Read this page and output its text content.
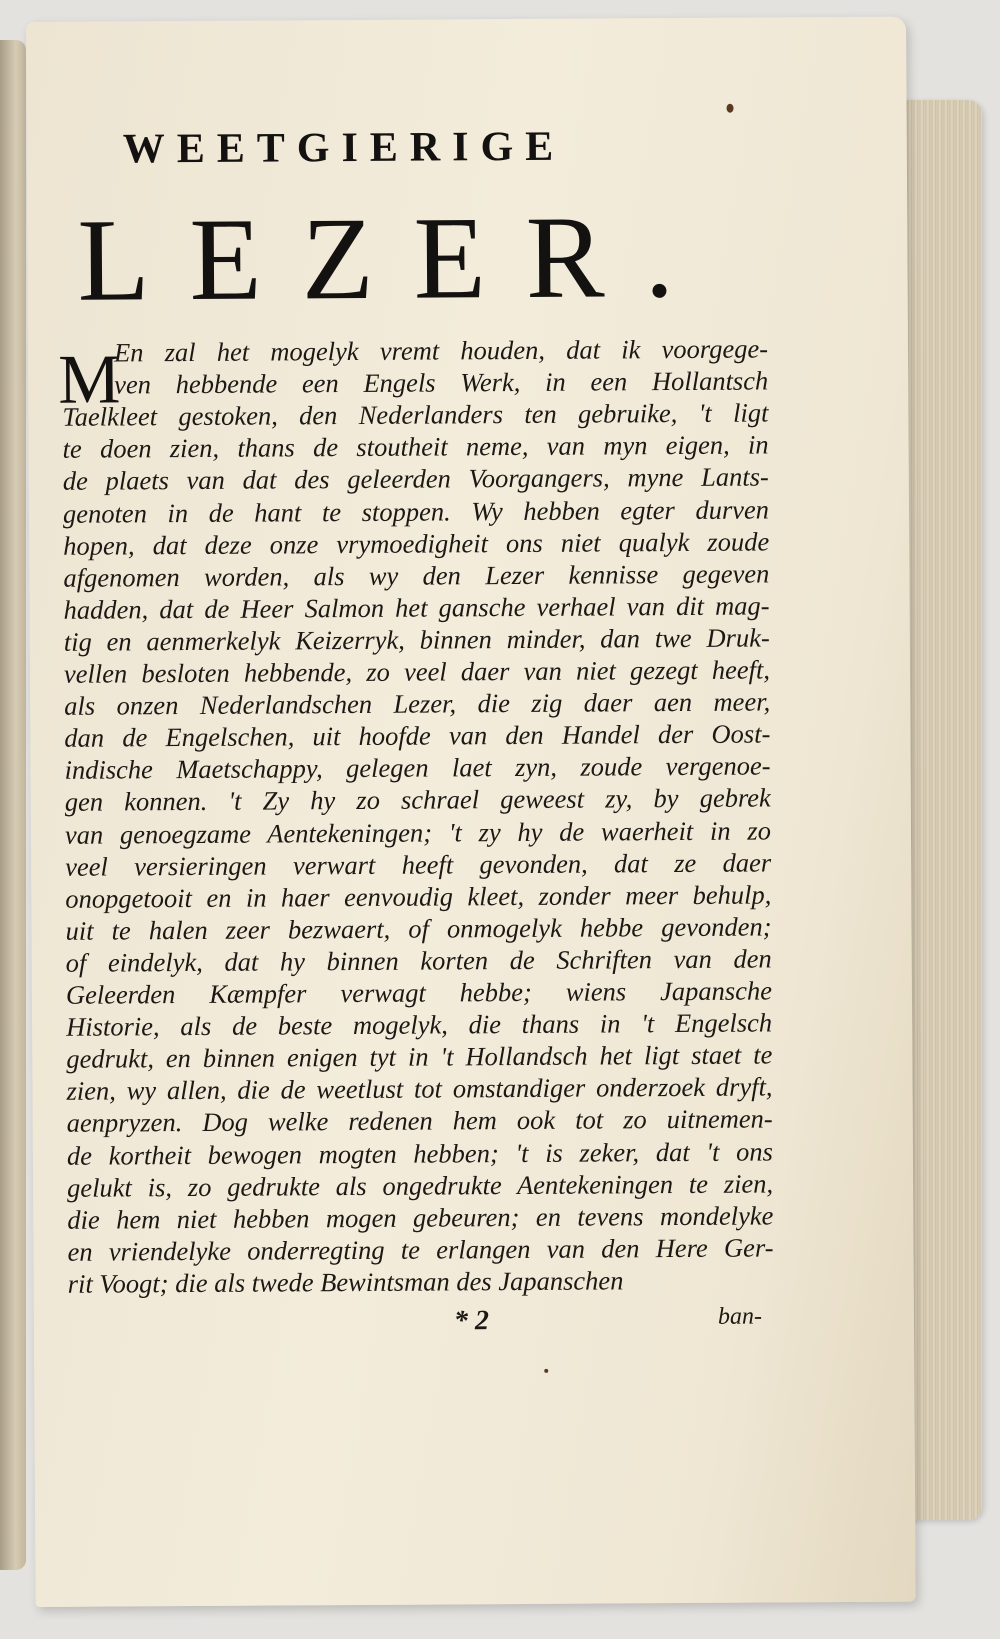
WEETGIERIGE
LEZER.
M
En zal het mogelyk vremt houden, dat ik voorgege-
ven hebbende een Engels Werk, in een Hollantsch
Taelkleet gestoken, den Nederlanders ten gebruike, 't ligt
te doen zien, thans de stoutheit neme, van myn eigen, in
de plaets van dat des geleerden Voorgangers, myne Lants-
genoten in de hant te stoppen. Wy hebben egter durven
hopen, dat deze onze vrymoedigheit ons niet qualyk zoude
afgenomen worden, als wy den Lezer kennisse gegeven
hadden, dat de Heer Salmon het gansche verhael van dit mag-
tig en aenmerkelyk Keizerryk, binnen minder, dan twe Druk-
vellen besloten hebbende, zo veel daer van niet gezegt heeft,
als onzen Nederlandschen Lezer, die zig daer aen meer,
dan de Engelschen, uit hoofde van den Handel der Oost-
indische Maetschappy, gelegen laet zyn, zoude vergenoe-
gen konnen. 't Zy hy zo schrael geweest zy, by gebrek
van genoegzame Aentekeningen; 't zy hy de waerheit in zo
veel versieringen verwart heeft gevonden, dat ze daer
onopgetooit en in haer eenvoudig kleet, zonder meer behulp,
uit te halen zeer bezwaert, of onmogelyk hebbe gevonden;
of eindelyk, dat hy binnen korten de Schriften van den
Geleerden Kæmpfer verwagt hebbe; wiens Japansche
Historie, als de beste mogelyk, die thans in 't Engelsch
gedrukt, en binnen enigen tyt in 't Hollandsch het ligt staet te
zien, wy allen, die de weetlust tot omstandiger onderzoek dryft,
aenpryzen. Dog welke redenen hem ook tot zo uitnemen-
de kortheit bewogen mogten hebben; 't is zeker, dat 't ons
gelukt is, zo gedrukte als ongedrukte Aentekeningen te zien,
die hem niet hebben mogen gebeuren; en tevens mondelyke
en vriendelyke onderregting te erlangen van den Here Ger-
rit Voogt; die als twede Bewintsman des Japanschen
* 2	ban-
